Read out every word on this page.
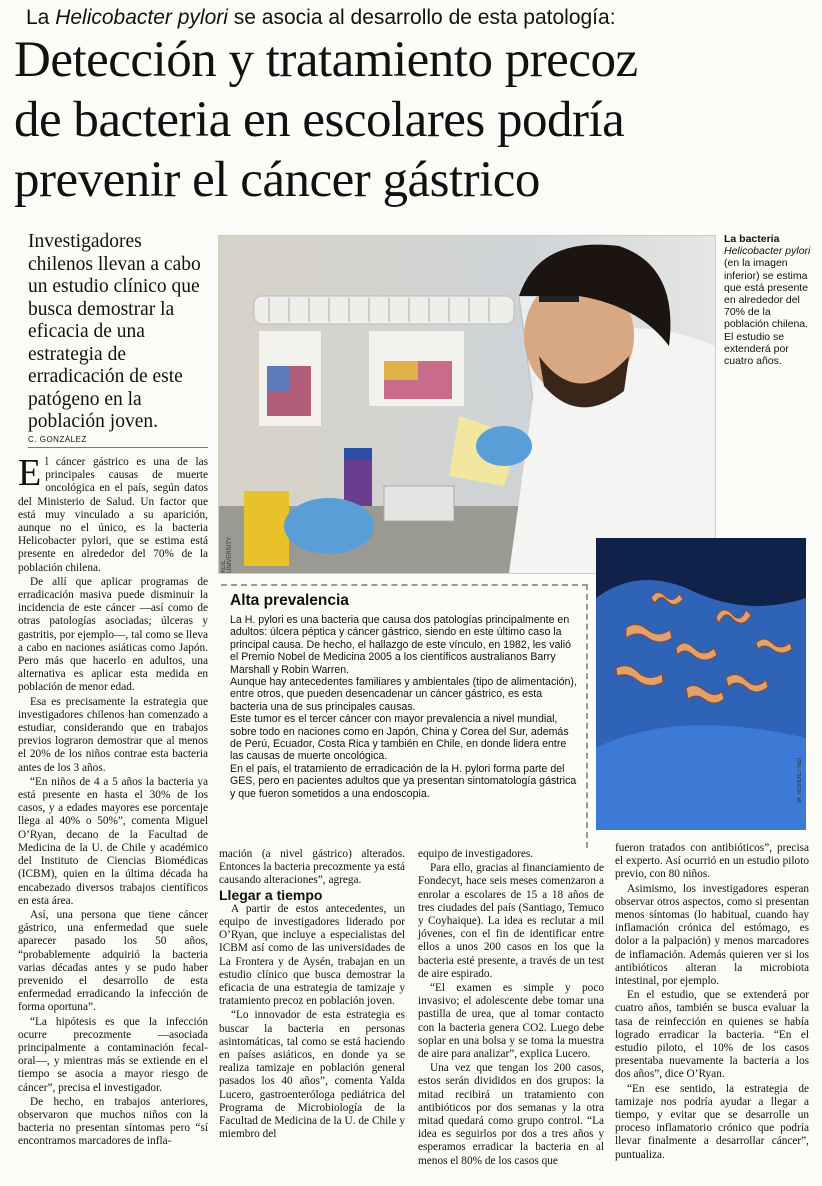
La Helicobacter pylori se asocia al desarrollo de esta patología:
Detección y tratamiento precoz
de bacteria en escolares podría
prevenir el cáncer gástrico
Investigadores chilenos llevan a cabo un estudio clínico que busca demostrar la eficacia de una estrategia de erradicación de este patógeno en la población joven.
C. GONZÁLEZ
KEIL UNIVERSITY
La bacteria
Helicobacter pylori (en la imagen inferior) se estima que está presente en alrededor del 70% de la población chilena. El estudio se extenderá por cuatro años.
M. ROHDE / HZI
Alta prevalencia

La H. pylori es una bacteria que causa dos patologías principalmente en adultos: úlcera péptica y cáncer gástrico, siendo en este último caso la principal causa. De hecho, el hallazgo de este vínculo, en 1982, les valió el Premio Nobel de Medicina 2005 a los científicos australianos Barry Marshall y Robin Warren.

Aunque hay antecedentes familiares y ambientales (tipo de alimentación), entre otros, que pueden desencadenar un cáncer gástrico, es esta bacteria una de sus principales causas.

Este tumor es el tercer cáncer con mayor prevalencia a nivel mundial, sobre todo en naciones como en Japón, China y Corea del Sur, además de Perú, Ecuador, Costa Rica y también en Chile, en donde lidera entre las causas de muerte oncológica.

En el país, el tratamiento de erradicación de la H. pylori forma parte del GES, pero en pacientes adultos que ya presentan sintomatología gástrica y que fueron sometidos a una endoscopia.

El cáncer gástrico es una de las principales causas de muerte oncológica en el país, según datos del Ministerio de Salud. Un factor que está muy vinculado a su aparición, aunque no el único, es la bacteria Helicobacter pylori, que se estima está presente en alrededor del 70% de la población chilena.

De allí que aplicar programas de erradicación masiva puede disminuir la incidencia de este cáncer —así como de otras patologías asociadas; úlceras y gastritis, por ejemplo—, tal como se lleva a cabo en naciones asiáticas como Japón. Pero más que hacerlo en adultos, una alternativa es aplicar esta medida en población de menor edad.

Esa es precisamente la estrategia que investigadores chilenos han comenzado a estudiar, considerando que en trabajos previos lograron demostrar que al menos el 20% de los niños contrae esta bacteria antes de los 3 años.

“En niños de 4 a 5 años la bacteria ya está presente en hasta el 30% de los casos, y a edades mayores ese porcentaje llega al 40% o 50%”, comenta Miguel O’Ryan, decano de la Facultad de Medicina de la U. de Chile y académico del Instituto de Ciencias Biomédicas (ICBM), quien en la última década ha encabezado diversos trabajos científicos en esta área.

Así, una persona que tiene cáncer gástrico, una enfermedad que suele aparecer pasado los 50 años, “probablemente adquirió la bacteria varias décadas antes y se pudo haber prevenido el desarrollo de esta enfermedad erradicando la infección de forma oportuna”.

“La hipótesis es que la infección ocurre precozmente —asociada principalmente a contaminación fecal-oral—, y mientras más se extiende en el tiempo se asocia a mayor riesgo de cáncer”, precisa el investigador.

De hecho, en trabajos anteriores, observaron que muchos niños con la bacteria no presentan síntomas pero “sí encontramos marcadores de infla-

mación (a nivel gástrico) alterados. Entonces la bacteria precozmente ya está causando alteraciones”, agrega.

Llegar a tiempo

A partir de estos antecedentes, un equipo de investigadores liderado por O’Ryan, que incluye a especialistas del ICBM así como de las universidades de La Frontera y de Aysén, trabajan en un estudio clínico que busca demostrar la eficacia de una estrategia de tamizaje y tratamiento precoz en población joven.

“Lo innovador de esta estrategia es buscar la bacteria en personas asintomáticas, tal como se está haciendo en países asiáticos, en donde ya se realiza tamizaje en población general pasados los 40 años”, comenta Yalda Lucero, gastroenteróloga pediátrica del Programa de Microbiología de la Facultad de Medicina de la U. de Chile y miembro del

equipo de investigadores.

Para ello, gracias al financiamiento de Fondecyt, hace seis meses comenzaron a enrolar a escolares de 15 a 18 años de tres ciudades del país (Santiago, Temuco y Coyhaique). La idea es reclutar a mil jóvenes, con el fin de identificar entre ellos a unos 200 casos en los que la bacteria esté presente, a través de un test de aire espirado.

“El examen es simple y poco invasivo; el adolescente debe tomar una pastilla de urea, que al tomar contacto con la bacteria genera CO2. Luego debe soplar en una bolsa y se toma la muestra de aire para analizar”, explica Lucero.

Una vez que tengan los 200 casos, estos serán divididos en dos grupos: la mitad recibirá un tratamiento con antibióticos por dos semanas y la otra mitad quedará como grupo control. “La idea es seguirlos por dos a tres años y esperamos erradicar la bacteria en al menos el 80% de los casos que

fueron tratados con antibióticos”, precisa el experto. Así ocurrió en un estudio piloto previo, con 80 niños.

Asimismo, los investigadores esperan observar otros aspectos, como si presentan menos síntomas (lo habitual, cuando hay inflamación crónica del estómago, es dolor a la palpación) y menos marcadores de inflamación. Además quieren ver si los antibióticos alteran la microbiota intestinal, por ejemplo.

En el estudio, que se extenderá por cuatro años, también se busca evaluar la tasa de reinfección en quienes se había logrado erradicar la bacteria. “En el estudio piloto, el 10% de los casos presentaba nuevamente la bacteria a los dos años”, dice O’Ryan.

“En ese sentido, la estrategia de tamizaje nos podría ayudar a llegar a tiempo, y evitar que se desarrolle un proceso inflamatorio crónico que podría llevar finalmente a desarrollar cáncer”, puntualiza.
